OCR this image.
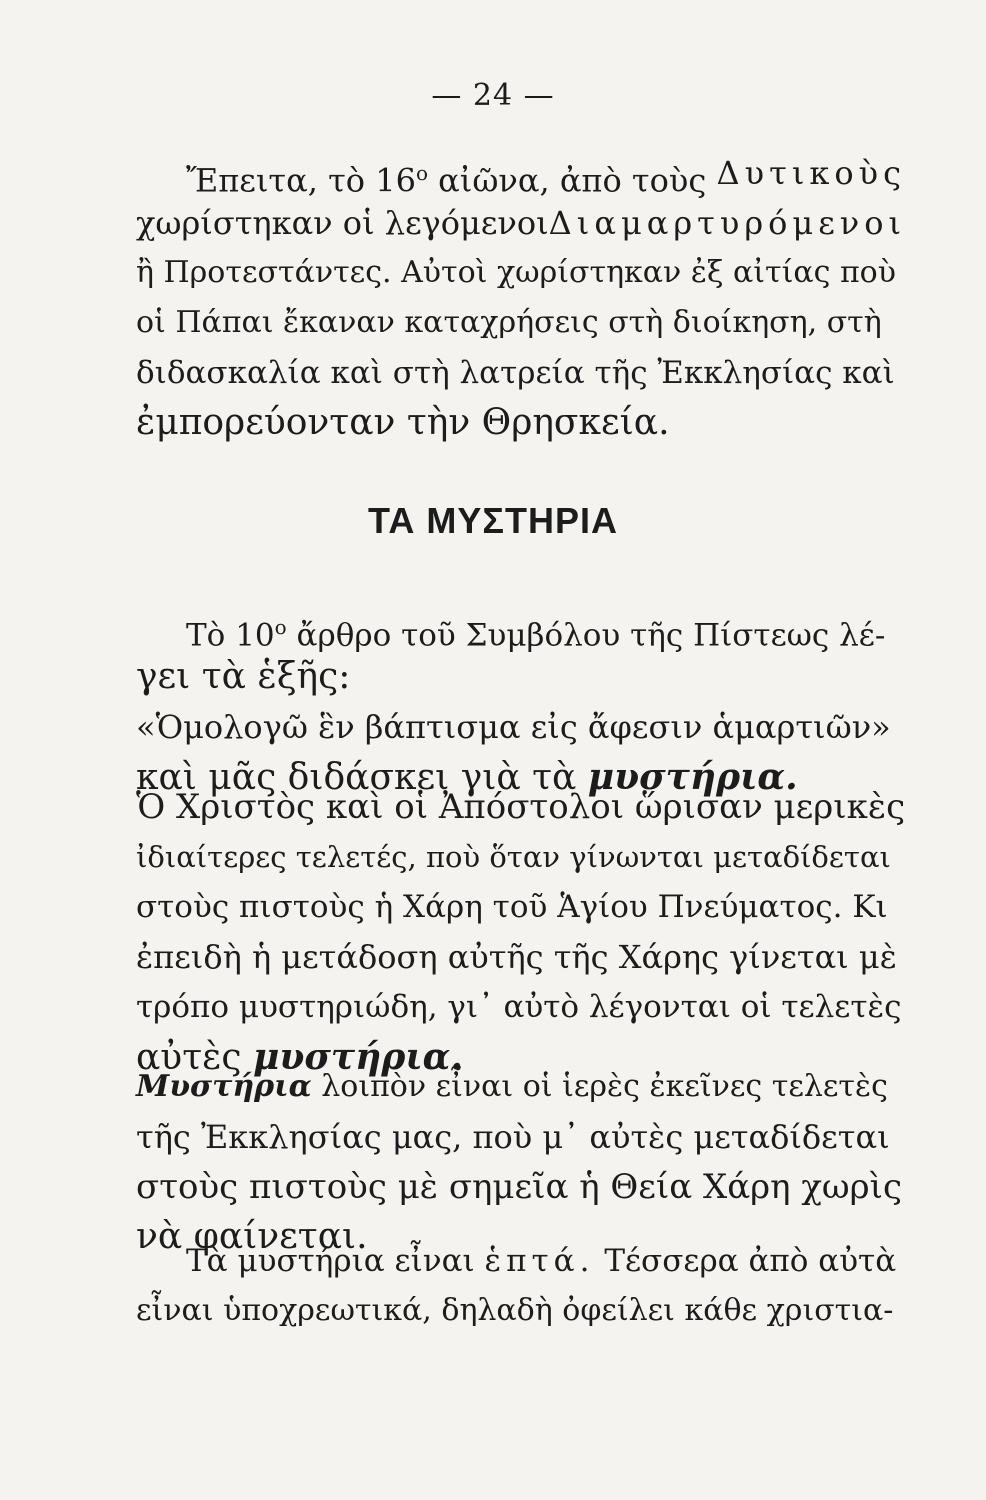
— 24 —
Ἔπειτα, τὸ $16^o$ αἰῶνα, ἀπὸ τοὺς Δυτικοὺς
χωρίστηκαν οἱ λεγόμενοι Διαμαρτυρόμενοι
ἢ Προτεστάντες. Αὐτοὶ χωρίστηκαν ἐξ αἰτίας ποὺ
οἱ Πάπαι ἔκαναν καταχρήσεις στὴ διοίκηση, στὴ
διδασκαλία καὶ στὴ λατρεία τῆς Ἐκκλησίας καὶ
ἐμπορεύονταν τὴν Θρησκεία.
ΤΑ ΜΥΣΤΗΡΙΑ
Τὸ $10^o$ ἄρθρο τοῦ Συμβόλου τῆς Πίστεως λέ-
γει τὰ ἑξῆς:
«Ὁμολογῶ ἓν βάπτισμα εἰς ἄφεσιν ἁμαρτιῶν»
καὶ μᾶς διδάσκει γιὰ τὰ μυστήρια.
Ὁ Χριστὸς καὶ οἱ Ἀπόστολοι ὥρισαν μερικὲς
ἰδιαίτερες τελετές, ποὺ ὅταν γίνωνται μεταδίδεται
στοὺς πιστοὺς ἡ Χάρη τοῦ Ἁγίου Πνεύματος. Κι
ἐπειδὴ ἡ μετάδοση αὐτῆς τῆς Χάρης γίνεται μὲ
τρόπο μυστηριώδη, γι᾽ αὐτὸ λέγονται οἱ τελετὲς
αὐτὲς μυστήρια.
Μυστήρια λοιπὸν εἶναι οἱ ἱερὲς ἐκεῖνες τελετὲς
τῆς Ἐκκλησίας μας, ποὺ μ᾽ αὐτὲς μεταδίδεται
στοὺς πιστοὺς μὲ σημεῖα ἡ Θεία Χάρη χωρὶς
νὰ φαίνεται.
Τὰ μυστήρια εἶναι ἑπτά. Τέσσερα ἀπὸ αὐτὰ
εἶναι ὑποχρεωτικά, δηλαδὴ ὀφείλει κάθε χριστια-
